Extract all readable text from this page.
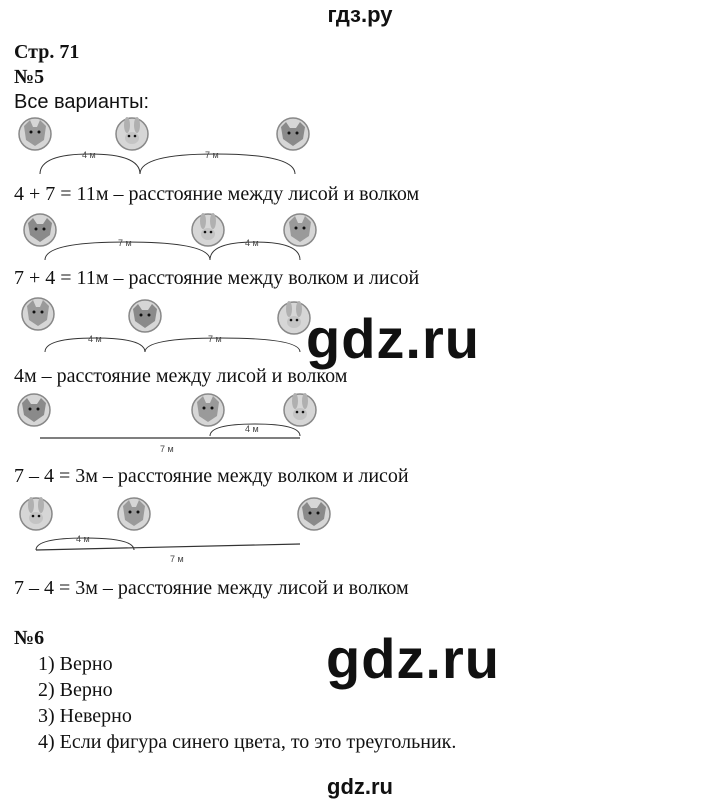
гдз.ру
Стр. 71
№5
Все варианты:
4 м	7 м
4 + 7 = 11м – расстояние между лисой и волком
7 м	4 м
7 + 4 = 11м – расстояние между волком и лисой
4 м	7 м gdz.ru
4м – расстояние между лисой и волком
4 м
7 м
7 – 4 = 3м – расстояние между волком и лисой
4 м
7 м
7 – 4 = 3м – расстояние между лисой и волком
№6	gdz.ru
1) Верно
2) Верно
3) Неверно
4) Если фигура синего цвета, то это треугольник.
gdz.ru
